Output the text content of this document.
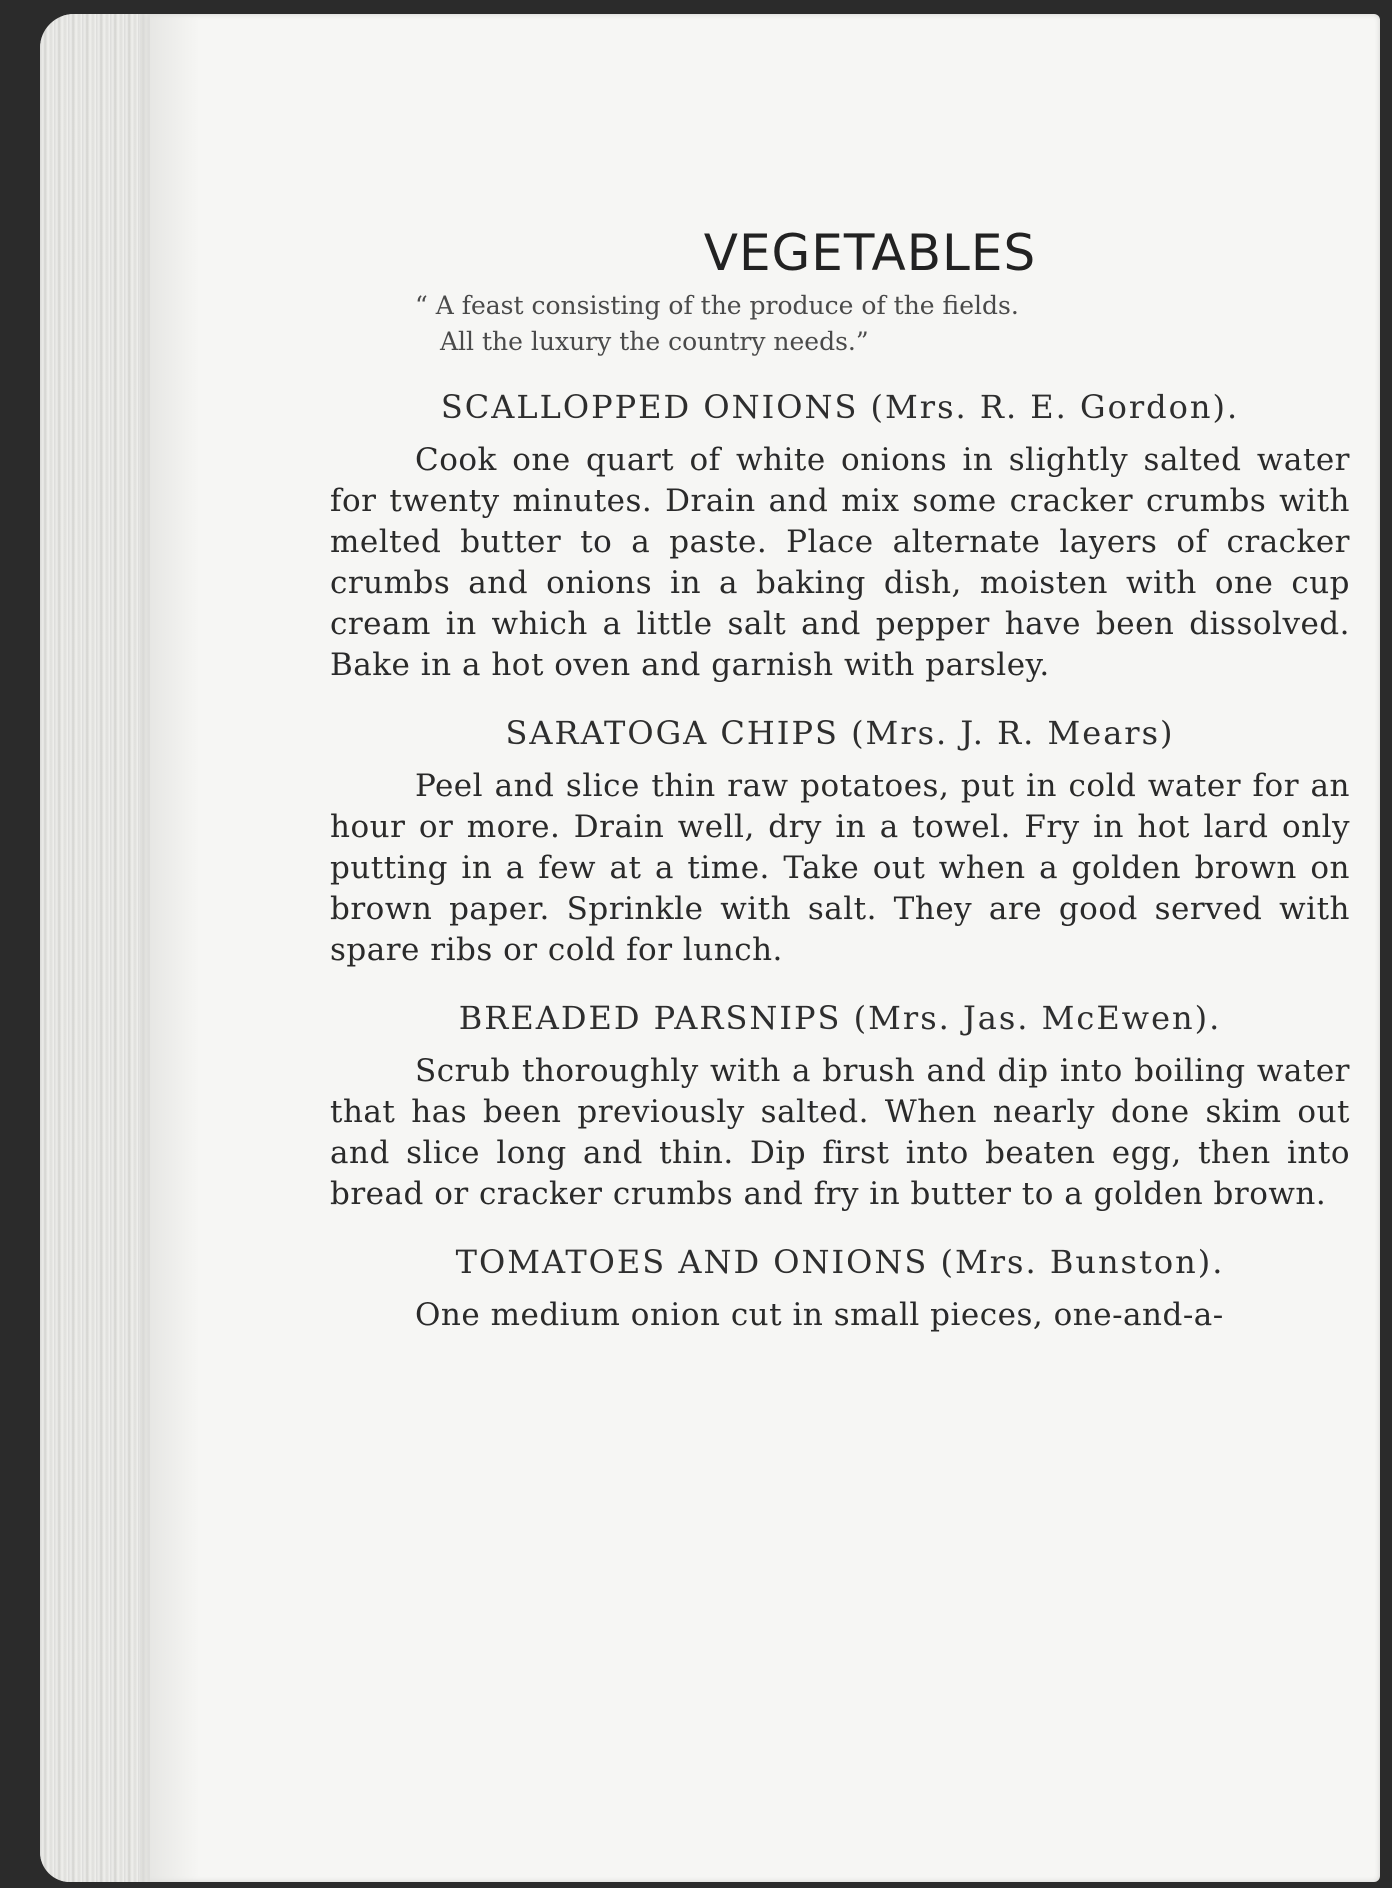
VEGETABLES
“ A feast consisting of the produce of the fields.
All the luxury the country needs.”
SCALLOPPED ONIONS (Mrs. R. E. Gordon).

Cook one quart of white onions in slightly salted water for twenty minutes. Drain and mix some cracker crumbs with melted butter to a paste. Place alternate layers of cracker crumbs and onions in a baking dish, moisten with one cup cream in which a little salt and pepper have been dissolved. Bake in a hot oven and garnish with parsley.

SARATOGA CHIPS (Mrs. J. R. Mears)

Peel and slice thin raw potatoes, put in cold water for an hour or more. Drain well, dry in a towel. Fry in hot lard only putting in a few at a time. Take out when a golden brown on brown paper. Sprinkle with salt. They are good served with spare ribs or cold for lunch.

BREADED PARSNIPS (Mrs. Jas. McEwen).

Scrub thoroughly with a brush and dip into boiling water that has been previously salted. When nearly done skim out and slice long and thin. Dip first into beaten egg, then into bread or cracker crumbs and fry in butter to a golden brown.

TOMATOES AND ONIONS (Mrs. Bunston).

One medium onion cut in small pieces, one-and-a-
